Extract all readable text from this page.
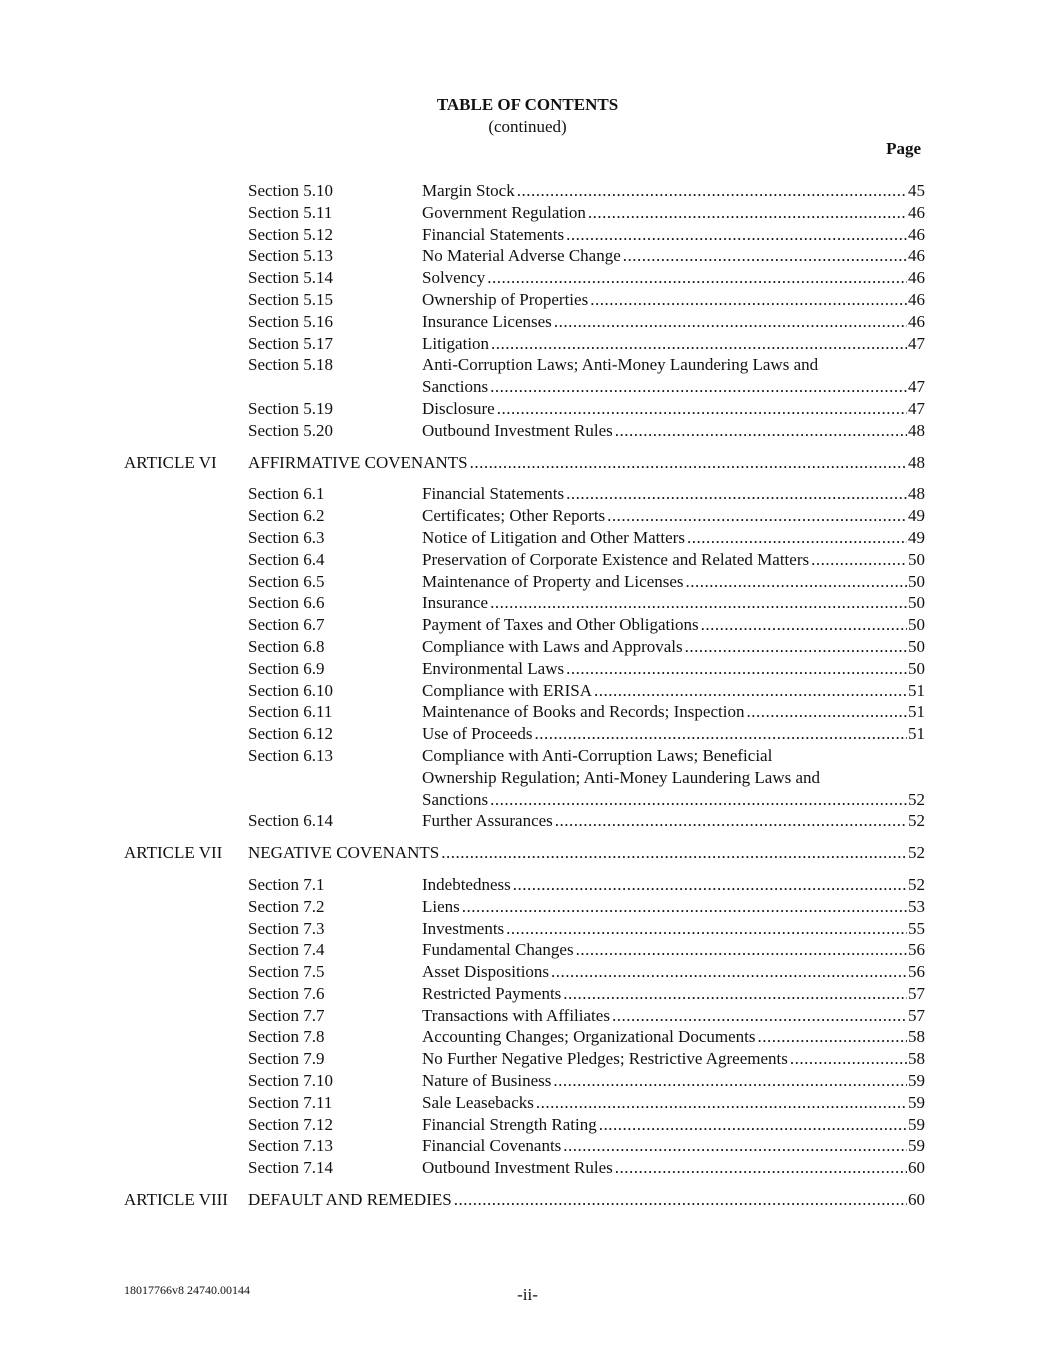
TABLE OF CONTENTS
(continued)
Page
Section 5.10	Margin Stock .....	45
Section 5.11	Government Regulation .....	46
Section 5.12	Financial Statements .....	46
Section 5.13	No Material Adverse Change .....	46
Section 5.14	Solvency .....	46
Section 5.15	Ownership of Properties .....	46
Section 5.16	Insurance Licenses .....	46
Section 5.17	Litigation .....	47
Section 5.18	Anti-Corruption Laws; Anti-Money Laundering Laws and
Sanctions .....	47
Section 5.19	Disclosure .....	47
Section 5.20	Outbound Investment Rules .....	48
ARTICLE VI AFFIRMATIVE COVENANTS .....	48
Section 6.1	Financial Statements .....	48
Section 6.2	Certificates; Other Reports .....	49
Section 6.3	Notice of Litigation and Other Matters .....	49
Section 6.4	Preservation of Corporate Existence and Related Matters .....	50
Section 6.5	Maintenance of Property and Licenses .....	50
Section 6.6	Insurance .....	50
Section 6.7	Payment of Taxes and Other Obligations .....	50
Section 6.8	Compliance with Laws and Approvals .....	50
Section 6.9	Environmental Laws .....	50
Section 6.10	Compliance with ERISA .....	51
Section 6.11	Maintenance of Books and Records; Inspection .....	51
Section 6.12	Use of Proceeds .....	51
Section 6.13	Compliance with Anti-Corruption Laws; Beneficial
Ownership Regulation; Anti-Money Laundering Laws and
Sanctions .....	52
Section 6.14	Further Assurances .....	52
ARTICLE VII NEGATIVE COVENANTS .....	52
Section 7.1	Indebtedness .....	52
Section 7.2	Liens .....	53
Section 7.3	Investments .....	55
Section 7.4	Fundamental Changes .....	56
Section 7.5	Asset Dispositions .....	56
Section 7.6	Restricted Payments .....	57
Section 7.7	Transactions with Affiliates .....	57
Section 7.8	Accounting Changes; Organizational Documents .....	58
Section 7.9	No Further Negative Pledges; Restrictive Agreements .....	58
Section 7.10	Nature of Business .....	59
Section 7.11	Sale Leasebacks .....	59
Section 7.12	Financial Strength Rating .....	59
Section 7.13	Financial Covenants .....	59
Section 7.14	Outbound Investment Rules .....	60
ARTICLE VIII DEFAULT AND REMEDIES .....	60
18017766v8 24740.00144	-ii-
